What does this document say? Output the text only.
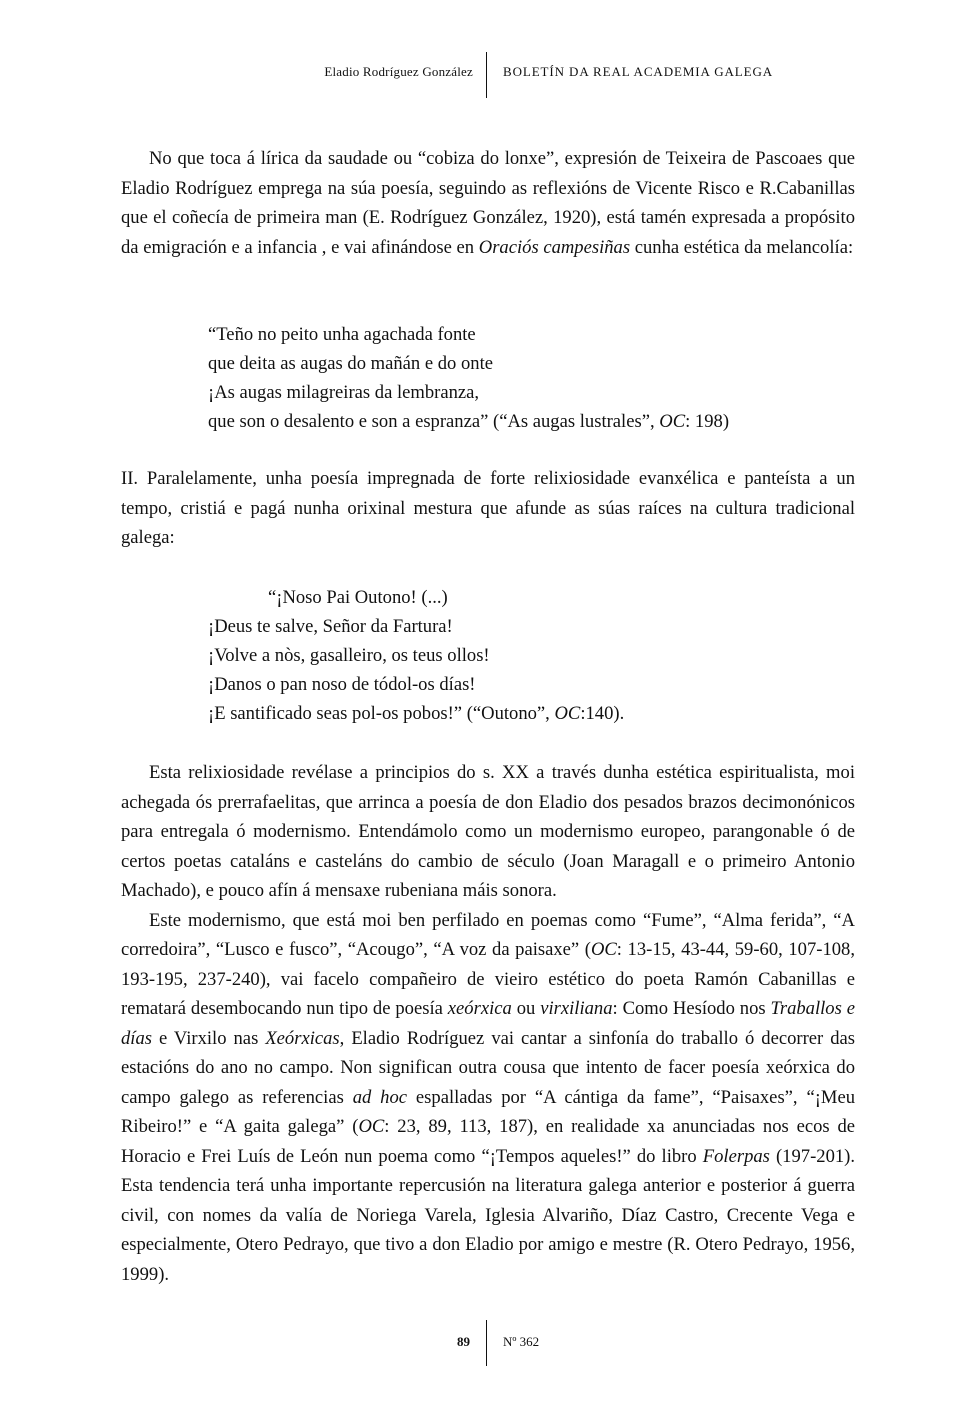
Eladio Rodríguez González BOLETÍN DA REAL ACADEMIA GALEGA

No que toca á lírica da saudade ou “cobiza do lonxe”, expresión de Teixeira de Pascoaes que Eladio Rodríguez emprega na súa poesía, seguindo as reflexións de Vicente Risco e R.Cabanillas que el coñecía de primeira man (E. Rodríguez González, 1920), está tamén expresada a propósito da emigración e a infancia , e vai afinándose en Oraciós campesiñas cunha estética da melancolía:

“Teño no peito unha agachada fonte
que deita as augas do mañán e do onte
¡As augas milagreiras da lembranza,
que son o desalento e son a espranza” (“As augas lustrales”, OC: 198)

II. Paralelamente, unha poesía impregnada de forte relixiosidade evanxélica e panteísta a un tempo, cristiá e pagá nunha orixinal mestura que afunde as súas raíces na cultura tradicional galega:

“¡Noso Pai Outono! (...)
¡Deus te salve, Señor da Fartura!
¡Volve a nòs, gasalleiro, os teus ollos!
¡Danos o pan noso de tódol-os días!
¡E santificado seas pol-os pobos!” (“Outono”, OC:140).

Esta relixiosidade revélase a principios do s. XX a través dunha estética espiritualista, moi achegada ós prerrafaelitas, que arrinca a poesía de don Eladio dos pesados brazos decimonónicos para entregala ó modernismo. Entendámolo como un modernismo europeo, parangonable ó de certos poetas cataláns e casteláns do cambio de século (Joan Maragall e o primeiro Antonio Machado), e pouco afín á mensaxe rubeniana máis sonora.

Este modernismo, que está moi ben perfilado en poemas como “Fume”, “Alma ferida”, “A corredoira”, “Lusco e fusco”, “Acougo”, “A voz da paisaxe” (OC: 13-15, 43-44, 59-60, 107-108, 193-195, 237-240), vai facelo compañeiro de vieiro estético do poeta Ramón Cabanillas e rematará desembocando nun tipo de poesía xeórxica ou virxiliana: Como Hesíodo nos Traballos e días e Virxilo nas Xeórxicas, Eladio Rodríguez vai cantar a sinfonía do traballo ó decorrer das estacións do ano no campo. Non significan outra cousa que intento de facer poesía xeórxica do campo galego as referencias ad hoc espalladas por “A cántiga da fame”, “Paisaxes”, “¡Meu Ribeiro!” e “A gaita galega” (OC: 23, 89, 113, 187), en realidade xa anunciadas nos ecos de Horacio e Frei Luís de León nun poema como “¡Tempos aqueles!” do libro Folerpas (197-201). Esta tendencia terá unha importante repercusión na literatura galega anterior e posterior á guerra civil, con nomes da valía de Noriega Varela, Iglesia Alvariño, Díaz Castro, Crecente Vega e especialmente, Otero Pedrayo, que tivo a don Eladio por amigo e mestre (R. Otero Pedrayo, 1956, 1999).

89	Nº 362
